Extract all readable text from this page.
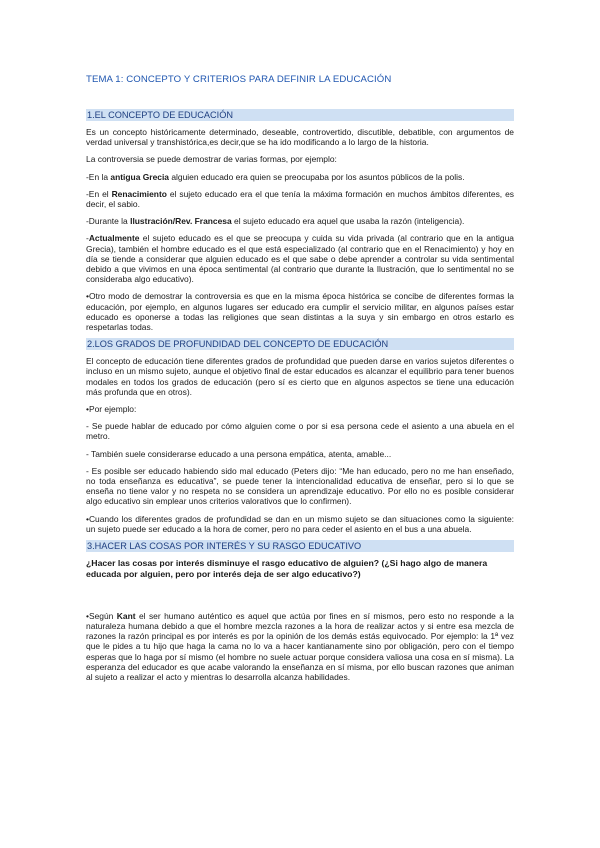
TEMA 1: CONCEPTO Y CRITERIOS PARA DEFINIR LA EDUCACIÓN
1.EL CONCEPTO DE EDUCACIÓN

Es un concepto históricamente determinado, deseable, controvertido, discutible, debatible, con argumentos de verdad universal y transhistórica,es decir,que se ha ido modificando a lo largo de la historia.

La controversia se puede demostrar de varias formas, por ejemplo:

-En la antigua Grecia alguien educado era quien se preocupaba por los asuntos públicos de la polis.

-En el Renacimiento el sujeto educado era el que tenía la máxima formación en muchos ámbitos diferentes, es decir, el sabio.

-Durante la Ilustración/Rev. Francesa el sujeto educado era aquel que usaba la razón (inteligencia).

-Actualmente el sujeto educado es el que se preocupa y cuida su vida privada (al contrario que en la antigua Grecia), también el hombre educado es el que está especializado (al contrario que en el Renacimiento) y hoy en día se tiende a considerar que alguien educado es el que sabe o debe aprender a controlar su vida sentimental debido a que vivimos en una época sentimental (al contrario que durante la Ilustración, que lo sentimental no se consideraba algo educativo).

•Otro modo de demostrar la controversia es que en la misma época histórica se concibe de diferentes formas la educación, por ejemplo, en algunos lugares ser educado era cumplir el servicio militar, en algunos países estar educado es oponerse a todas las religiones que sean distintas a la suya y sin embargo en otros estarlo es respetarlas todas.

2.LOS GRADOS DE PROFUNDIDAD DEL CONCEPTO DE EDUCACIÓN

El concepto de educación tiene diferentes grados de profundidad que pueden darse en varios sujetos diferentes o incluso en un mismo sujeto, aunque el objetivo final de estar educados es alcanzar el equilibrio para tener buenos modales en todos los grados de educación (pero sí es cierto que en algunos aspectos se tiene una educación más profunda que en otros).

•Por ejemplo:

- Se puede hablar de educado por cómo alguien come o por si esa persona cede el asiento a una abuela en el metro.

- También suele considerarse educado a una persona empática, atenta, amable...

- Es posible ser educado habiendo sido mal educado (Peters dijo: “Me han educado, pero no me han enseñado, no toda enseñanza es educativa”, se puede tener la intencionalidad educativa de enseñar, pero si lo que se enseña no tiene valor y no respeta no se considera un aprendizaje educativo. Por ello no es posible considerar algo educativo sin emplear unos criterios valorativos que lo confirmen).

•Cuando los diferentes grados de profundidad se dan en un mismo sujeto se dan situaciones como la siguiente: un sujeto puede ser educado a la hora de comer, pero no para ceder el asiento en el bus a una abuela.

3.HACER LAS COSAS POR INTERÉS Y SU RASGO EDUCATIVO

¿Hacer las cosas por interés disminuye el rasgo educativo de alguien? (¿Si hago algo de manera educada por alguien, pero por interés deja de ser algo educativo?)

•Según Kant el ser humano auténtico es aquel que actúa por fines en sí mismos, pero esto no responde a la naturaleza humana debido a que el hombre mezcla razones a la hora de realizar actos y si entre esa mezcla de razones la razón principal es por interés es por la opinión de los demás estás equivocado. Por ejemplo: la 1ª vez que le pides a tu hijo que haga la cama no lo va a hacer kantianamente sino por obligación, pero con el tiempo esperas que lo haga por sí mismo (el hombre no suele actuar porque considera valiosa una cosa en sí misma). La esperanza del educador es que acabe valorando la enseñanza en sí misma, por ello buscan razones que animan al sujeto a realizar el acto y mientras lo desarrolla alcanza habilidades.
